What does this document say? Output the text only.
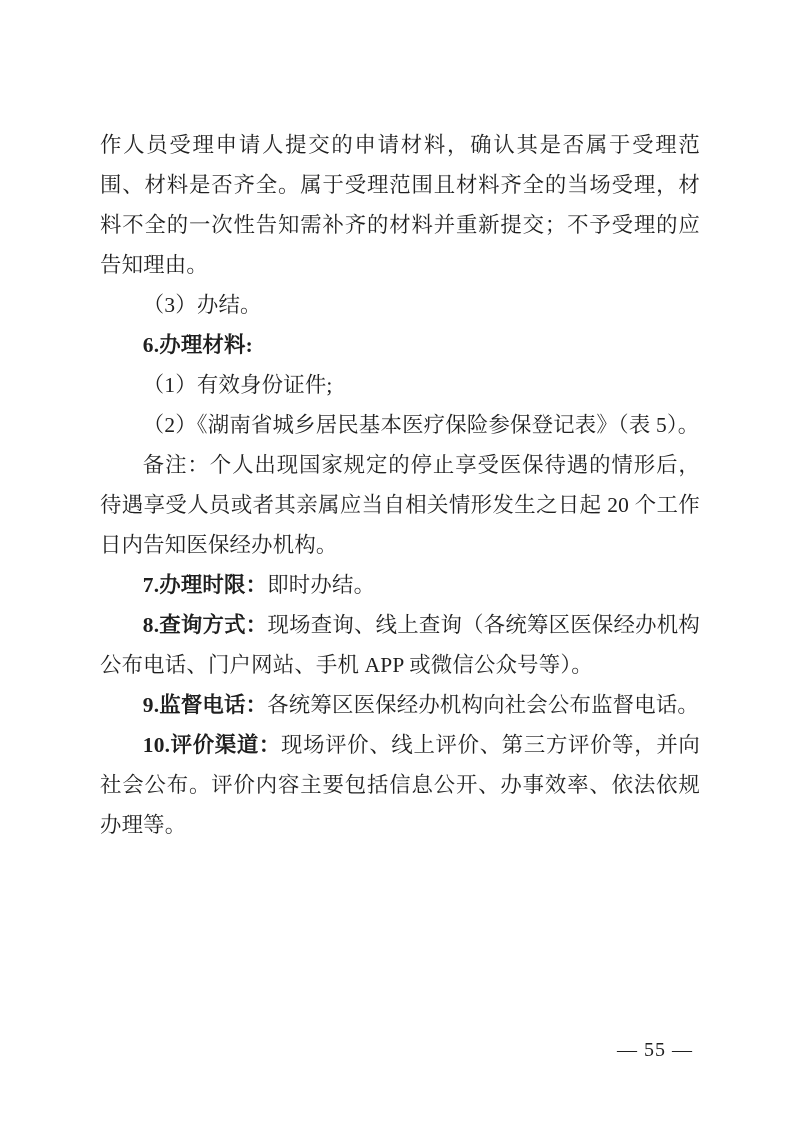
作人员受理申请人提交的申请材料，确认其是否属于受理范围、材料是否齐全。属于受理范围且材料齐全的当场受理，材料不全的一次性告知需补齐的材料并重新提交；不予受理的应告知理由。

（3）办结。

6.办理材料:

（1）有效身份证件;

（2）《湖南省城乡居民基本医疗保险参保登记表》（表 5）。

备注：个人出现国家规定的停止享受医保待遇的情形后，待遇享受人员或者其亲属应当自相关情形发生之日起 20 个工作日内告知医保经办机构。

7.办理时限：即时办结。

8.查询方式：现场查询、线上查询（各统筹区医保经办机构公布电话、门户网站、手机 APP 或微信公众号等）。

9.监督电话：各统筹区医保经办机构向社会公布监督电话。

10.评价渠道：现场评价、线上评价、第三方评价等，并向社会公布。评价内容主要包括信息公开、办事效率、依法依规办理等。

— 55 —
